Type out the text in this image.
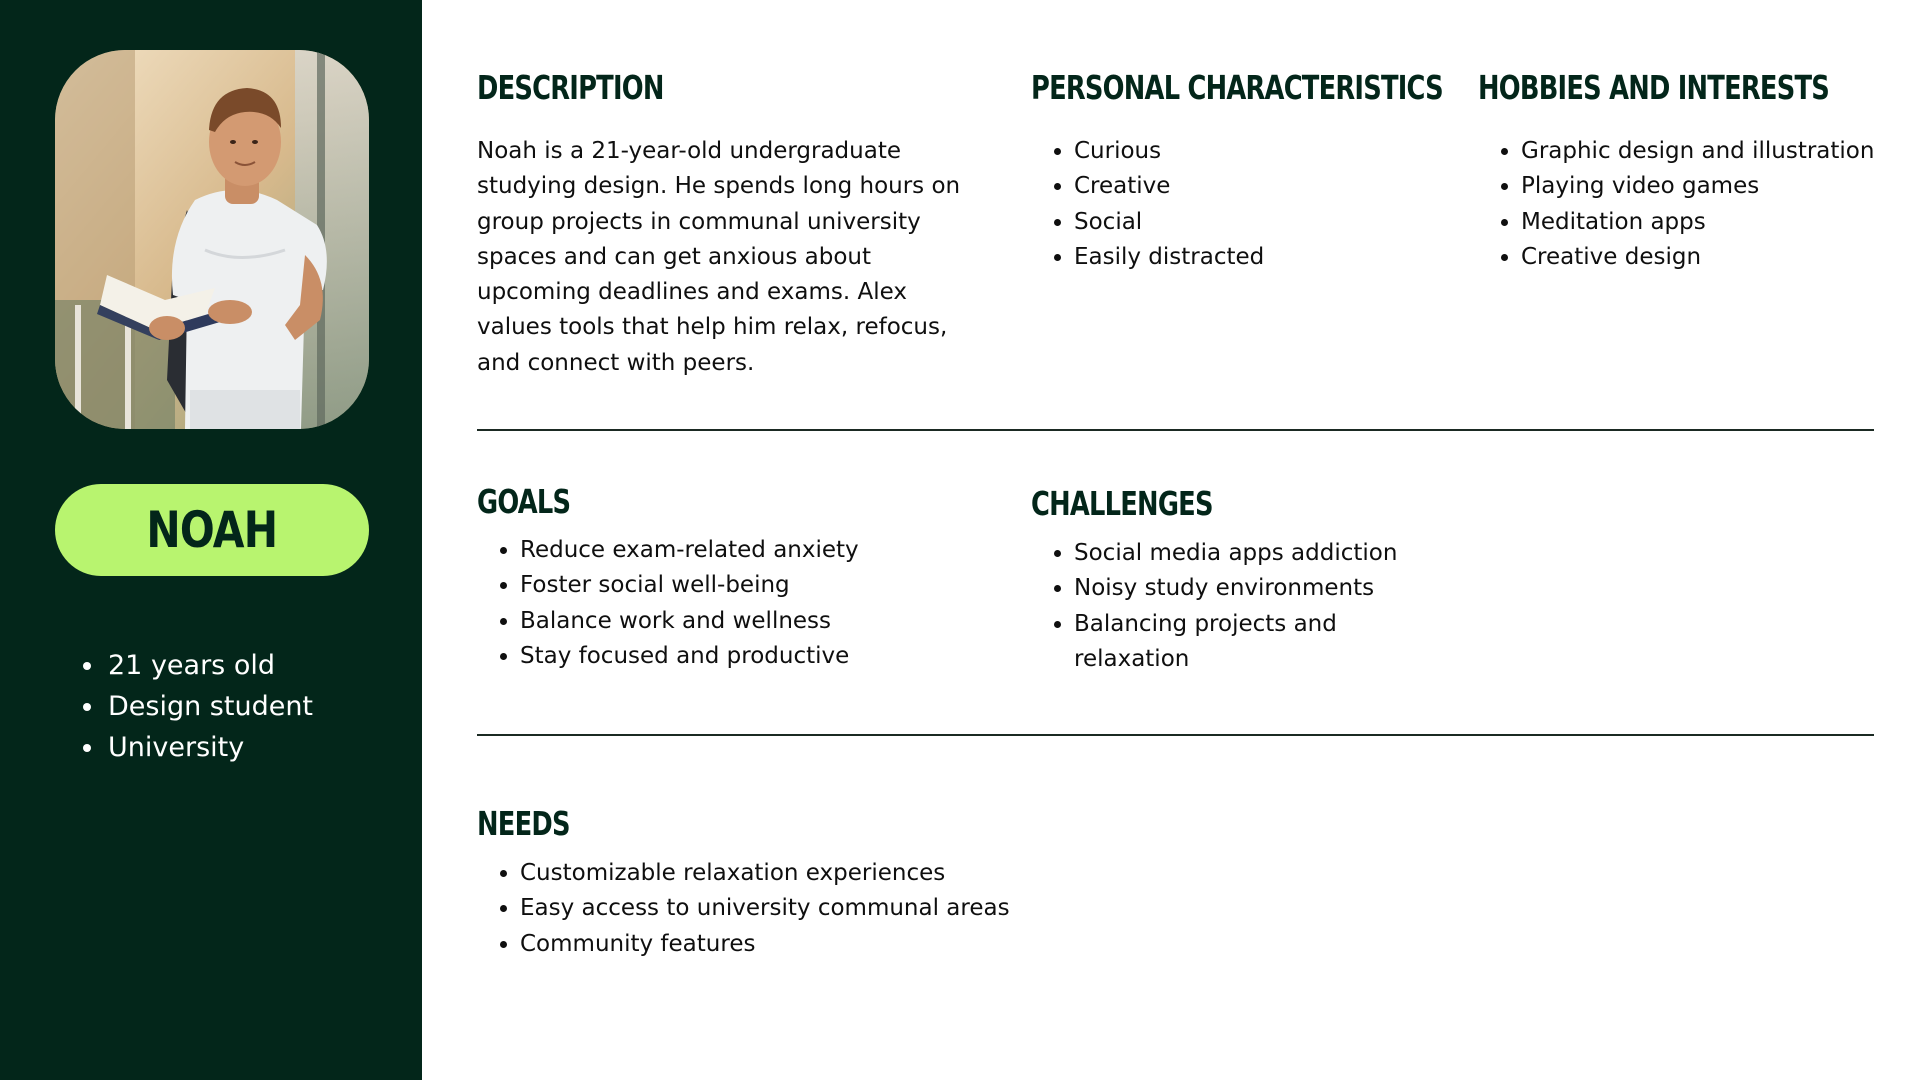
NOAH
• 21 years old
• Design student
• University
DESCRIPTION

Noah is a 21-year-old undergraduate studying design. He spends long hours on group projects in communal university spaces and can get anxious about upcoming deadlines and exams. Alex values tools that help him relax, refocus, and connect with peers.

PERSONAL CHARACTERISTICS
• Curious
• Creative
• Social
• Easily distracted
HOBBIES AND INTERESTS
• Graphic design and illustration
• Playing video games
• Meditation apps
• Creative design
GOALS
• Reduce exam-related anxiety
• Foster social well-being
• Balance work and wellness
• Stay focused and productive
CHALLENGES
• Social media apps addiction
• Noisy study environments
• Balancing projects and relaxation
NEEDS
• Customizable relaxation experiences
• Easy access to university communal areas
• Community features
